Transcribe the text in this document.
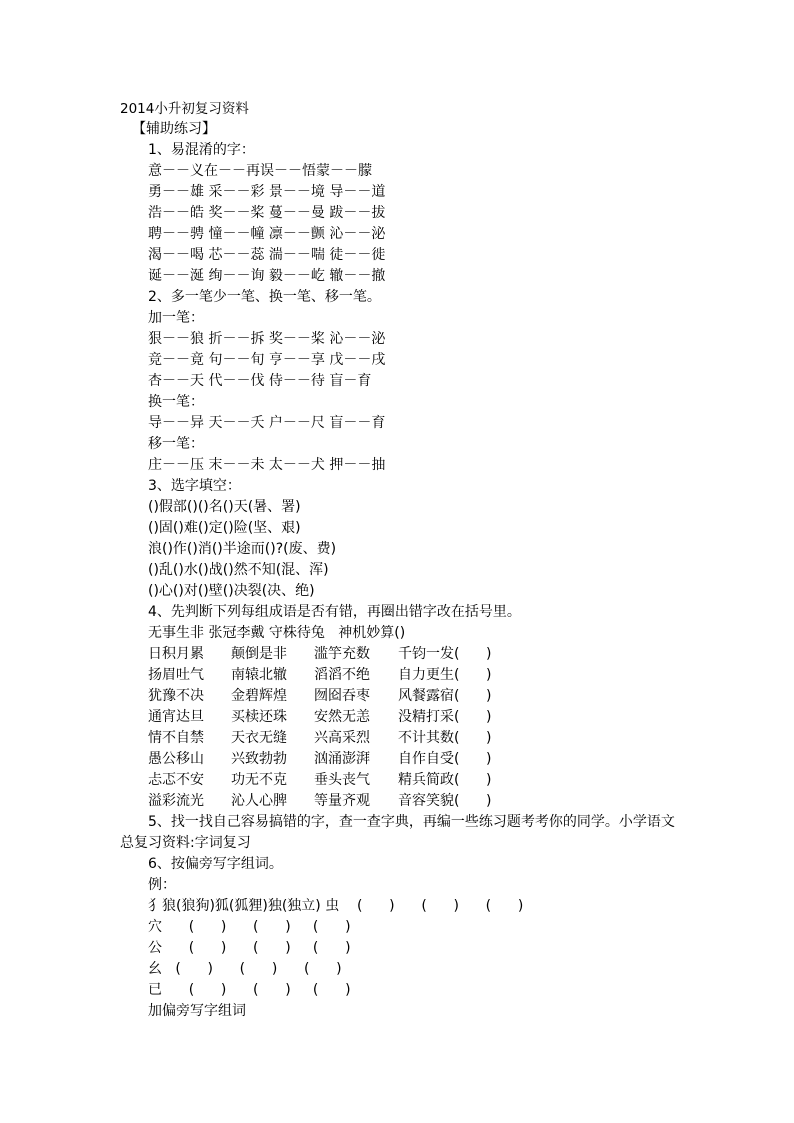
2014小升初复习资料
【辅助练习】
1、易混淆的字：
意－－义在－－再误－－悟蒙－－朦
勇－－雄 采－－彩 景－－境 导－－道
浩－－皓 奖－－桨 蔓－－曼 跋－－拔
聘－－骋 憧－－幢 凛－－颤 沁－－泌
渴－－喝 芯－－蕊 湍－－喘 徒－－徙
诞－－涎 绚－－询 毅－－屹 辙－－撤
2、多一笔少一笔、换一笔、移一笔。
加一笔：
狠－－狼 折－－拆 奖－－桨 沁－－泌
竞－－竟 句－－旬 亨－－享 戊－－戌
杏－－天 代－－伐 侍－－待 盲－育
换一笔：
导－－异 天－－夭 户－－尺 盲－－育
移一笔：
庄－－压 末－－未 太－－犬 押－－抽
3、选字填空：
()假部()()名()天(暑、署)
()固()难()定()险(坚、艰)
浪()作()消()半途而()?(废、费)
()乱()水()战()然不知(混、浑)
()心()对()壁()决裂(决、绝)
4、先判断下列每组成语是否有错，再圈出错字改在括号里。
无事生非 张冠李戴 守株待兔   神机妙算()
日积月累 颠倒是非 滥竽充数 千钧一发( )
扬眉吐气 南辕北辙 滔滔不绝 自力更生( )
犹豫不决 金碧辉煌 囫囵吞枣 风餐露宿( )
通宵达旦 买椟还珠 安然无恙 没精打采( )
情不自禁 天衣无缝 兴高采烈 不计其数( )
愚公移山 兴致勃勃 汹涌澎湃 自作自受( )
忐忑不安 功无不克 垂头丧气 精兵简政( )
溢彩流光 沁人心脾 等量齐观 音容笑貌( )
5、找一找自己容易搞错的字，查一查字典，再编一些练习题考考你的同学。小学语文
总复习资料:字词复习
6、按偏旁写字组词。
例：
犭狼(狼狗)狐(狐狸)独(独立) 虫    (      )      (      )      (      )
穴      (      )      (      )     (      )
公      (      )      (      )     (      )
幺   (      )      (      )      (      )
已      (      )      (      )     (      )
加偏旁写字组词
